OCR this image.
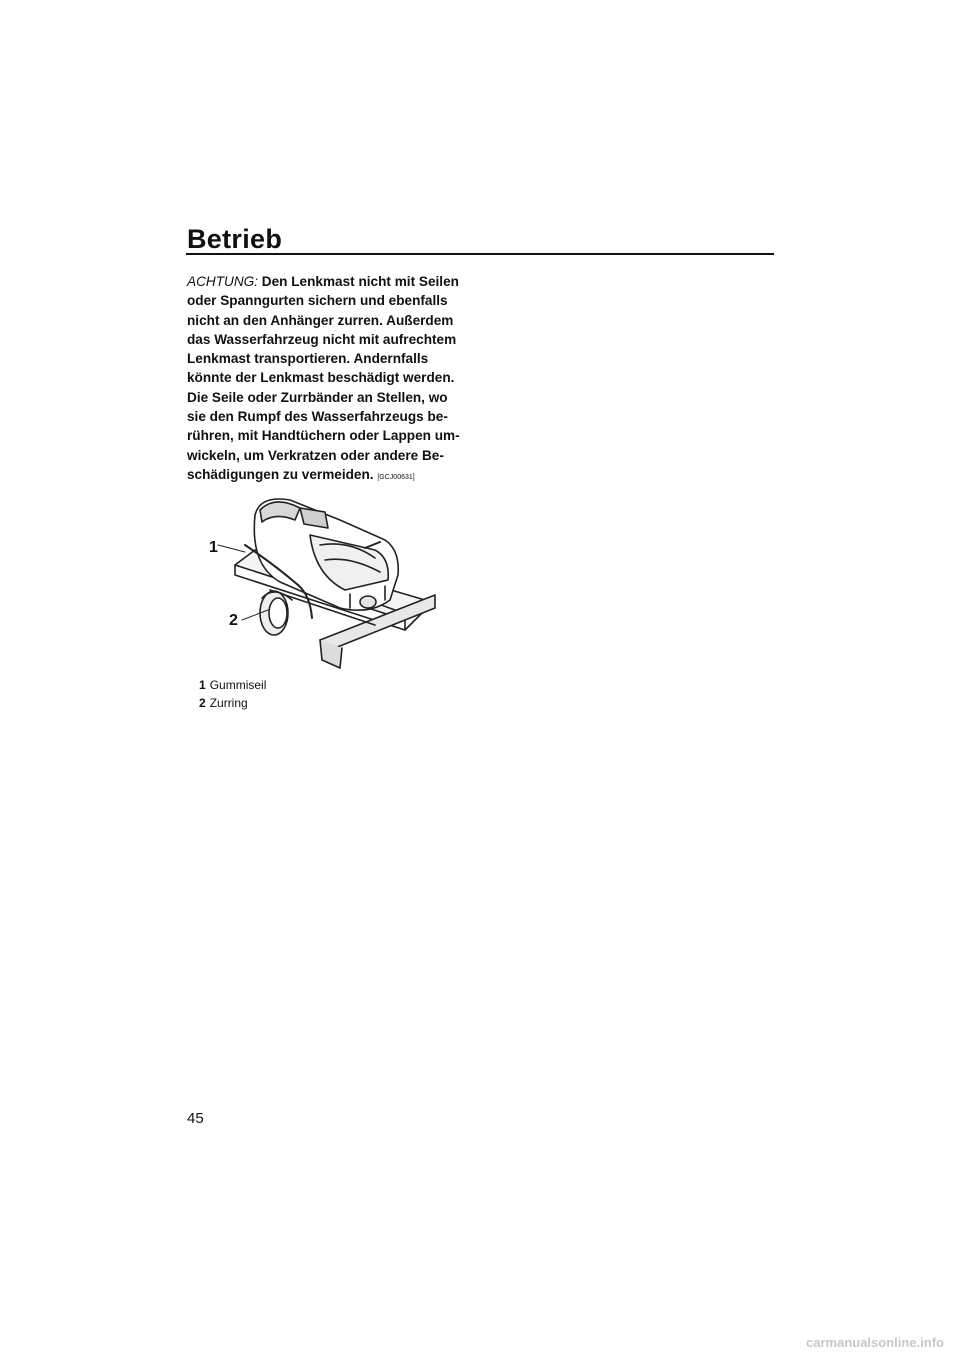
Betrieb
ACHTUNG: Den Lenkmast nicht mit Seilen
oder Spanngurten sichern und ebenfalls
nicht an den Anhänger zurren. Außerdem
das Wasserfahrzeug nicht mit aufrechtem
Lenkmast transportieren. Andernfalls
könnte der Lenkmast beschädigt werden.
Die Seile oder Zurrbänder an Stellen, wo
sie den Rumpf des Wasserfahrzeugs be-
rühren, mit Handtüchern oder Lappen um-
wickeln, um Verkratzen oder andere Be-
schädigungen zu vermeiden. [GCJ00631]
1
2
1 Gummiseil
2 Zurring
45
carmanualsonline.info
